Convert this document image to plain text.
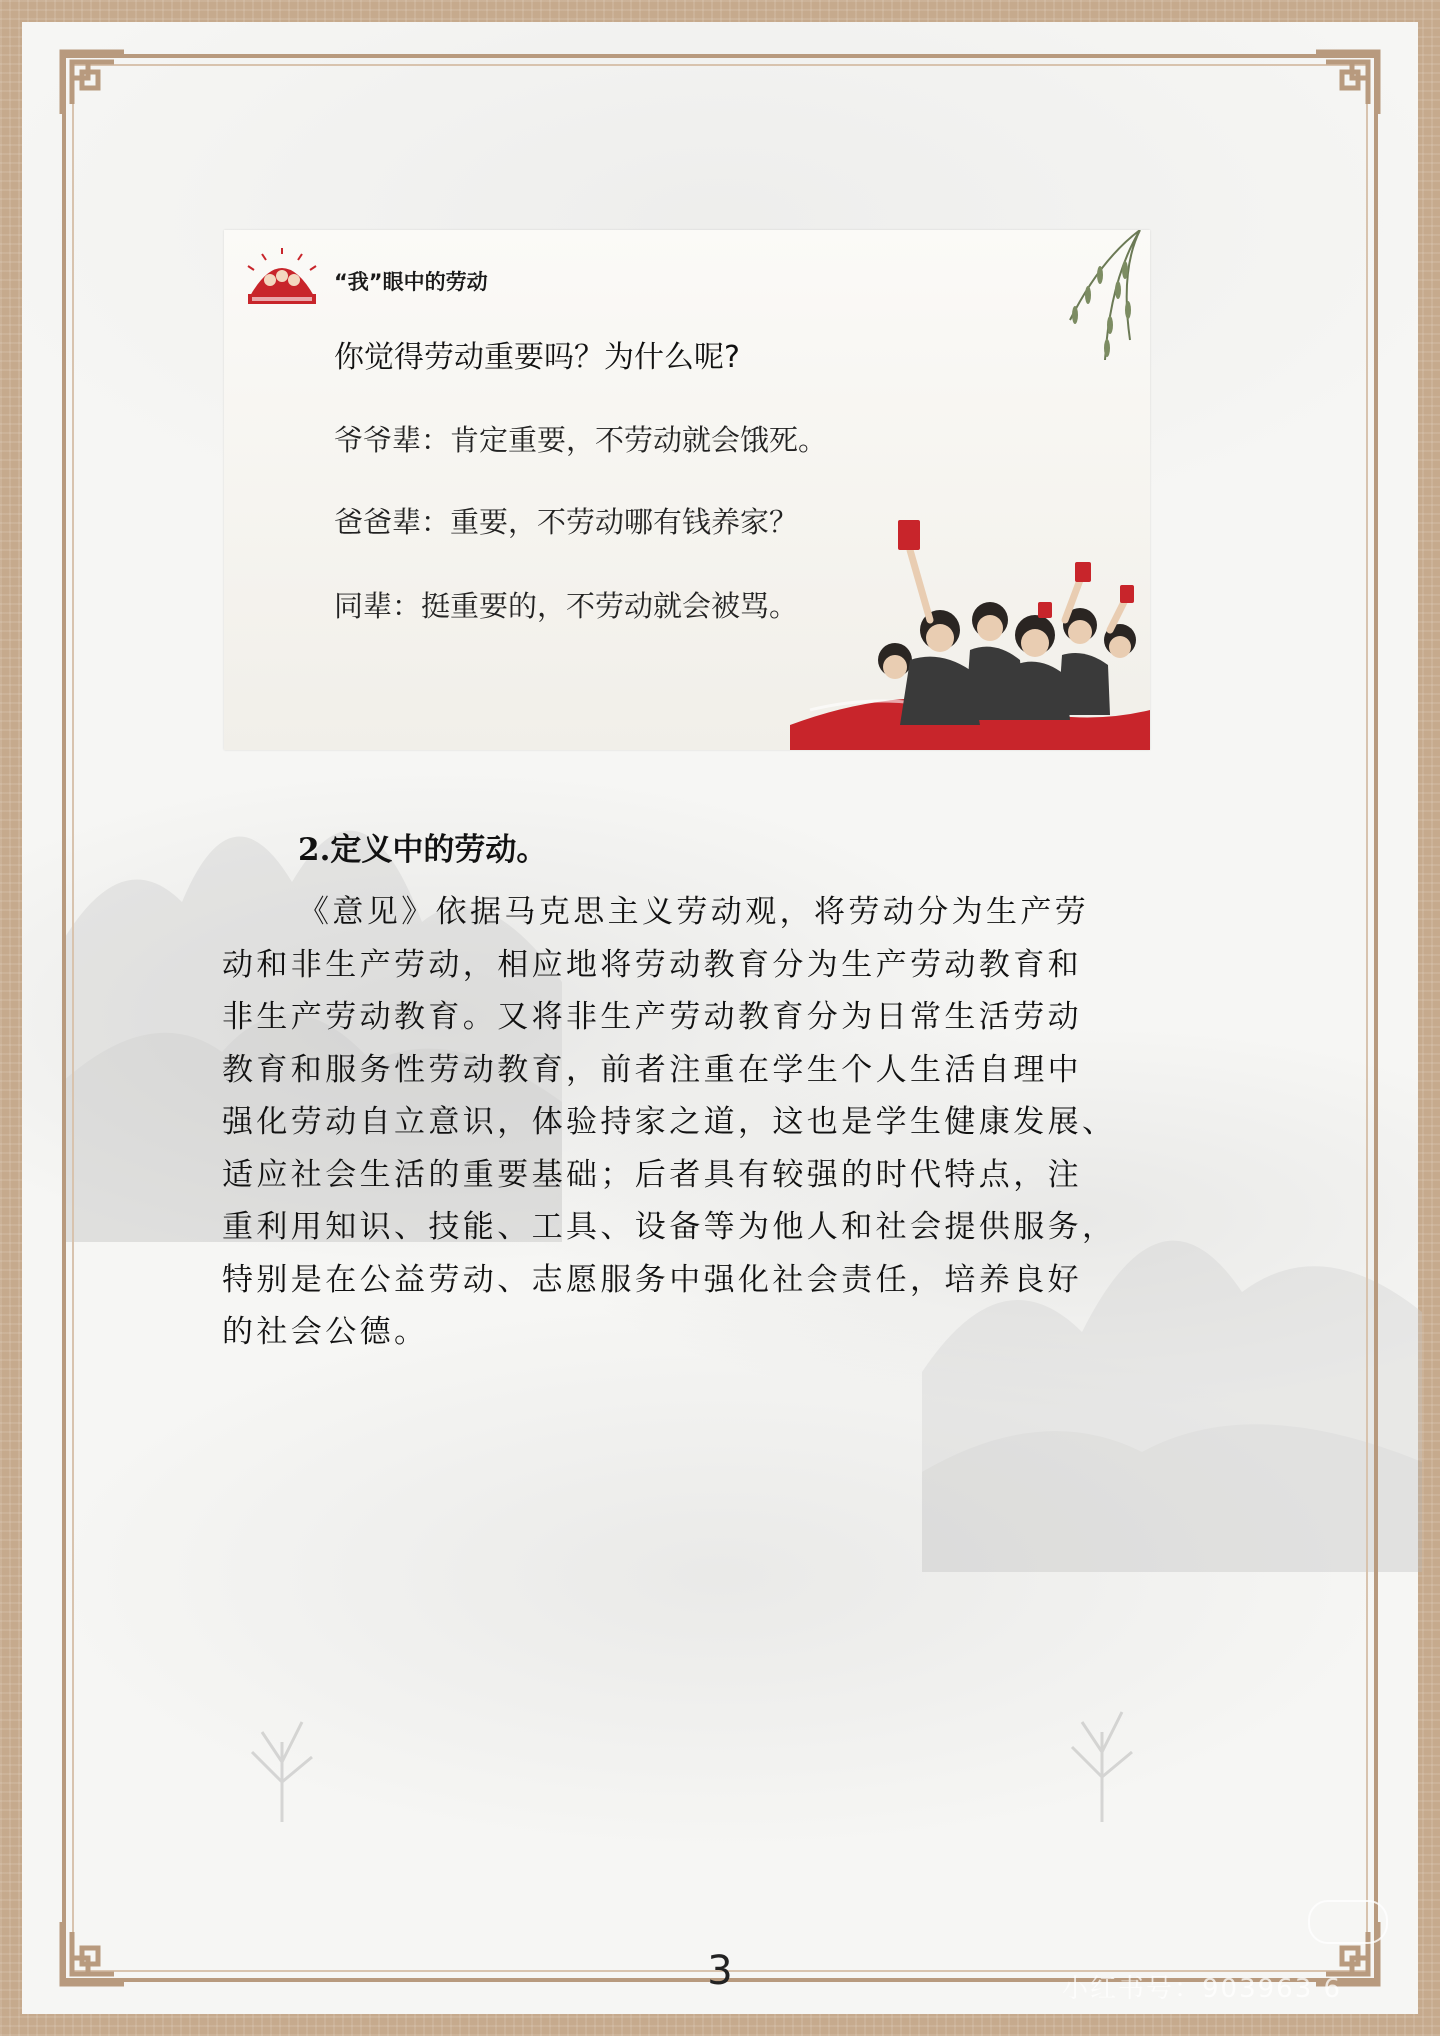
“我”眼中的劳动
你觉得劳动重要吗？为什么呢?
爷爷辈：肯定重要，不劳动就会饿死。
爸爸辈：重要，不劳动哪有钱养家？
同辈：挺重要的，不劳动就会被骂。
2.定义中的劳动。
《意见》依据马克思主义劳动观，将劳动分为生产劳
动和非生产劳动，相应地将劳动教育分为生产劳动教育和
非生产劳动教育。又将非生产劳动教育分为日常生活劳动
教育和服务性劳动教育，前者注重在学生个人生活自理中
强化劳动自立意识，体验持家之道，这也是学生健康发展、
适应社会生活的重要基础；后者具有较强的时代特点，注
重利用知识、技能、工具、设备等为他人和社会提供服务，
特别是在公益劳动、志愿服务中强化社会责任，培养良好
的社会公德。
3	小红书号：903963 6
